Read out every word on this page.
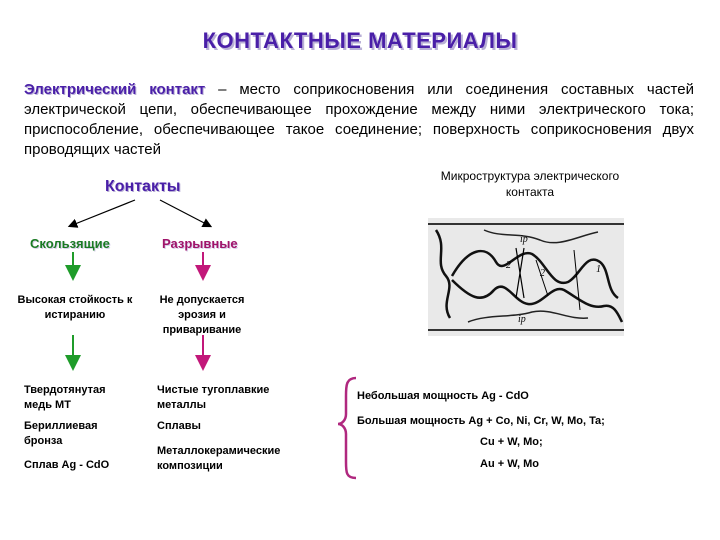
КОНТАКТНЫЕ МАТЕРИАЛЫ
Электрический контакт – место соприкосновения или соединения составных частей электрической цепи, обеспечивающее прохождение между ними электрического тока; приспособление, обеспечивающее такое соединение; поверхность соприкосновения двух проводящих частей
Контакты
Скользящие	Разрывные
Высокая стойкость к истиранию
Не допускается эрозия и приваривание
Твердотянутая медь МТ
Бериллиевая бронза
Сплав Ag - CdO
Чистые тугоплавкие металлы
Сплавы
Металлокерамические композиции
Микроструктура электрического контакта
iр
2
2	1
iр
Небольшая мощность Ag - CdO
Большая мощность Ag + Co, Ni, Cr, W, Mo, Ta;
Cu + W, Mo;
Au + W, Mo
